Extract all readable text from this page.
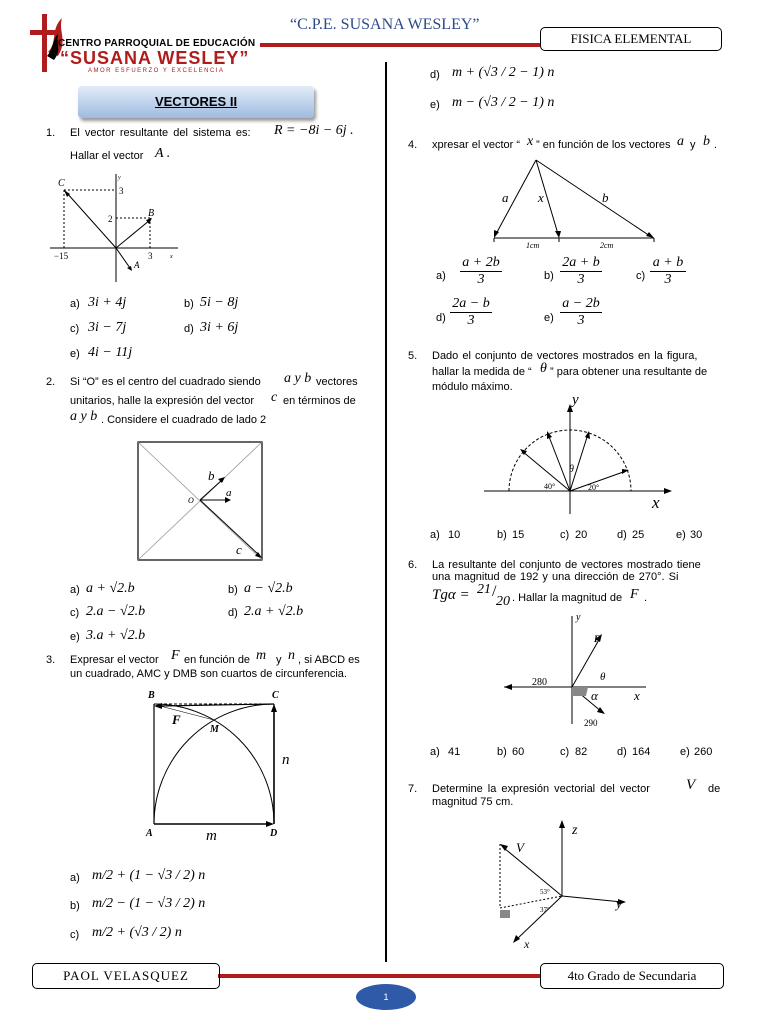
CENTRO PARROQUIAL DE EDUCACIÓN
“SUSANA WESLEY”
AMOR ESFUERZO Y EXCELENCIA
“C.P.E. SUSANA WESLEY”
FISICA ELEMENTAL
VECTORES II
1. El vector resultante del sistema es: R = −8i − 6j .
Hallar el vector A .
C
B
A
3
2
−15	3
y
x
a) 3i + 4j	b) 5i − 8j
c) 3i − 7j	d) 3i + 6j
e) 4i − 11j
2. Si “O” es el centro del cuadrado siendo a y b vectores
unitarios, halle la expresión del vector c en términos de
a y b . Considere el cuadrado de lado 2
O
a
b
c
a) a + √2.b	b) a − √2.b
c) 2.a − √2.b	d) 2.a + √2.b
e) 3.a + √2.b
3. Expresar el vector F en función de m y n , si ABCD es
un cuadrado, AMC y DMB son cuartos de circunferencia.
B	C
A	D
M
F
n
m
a) m/2 + (1 − √3 / 2) n
b) m/2 − (1 − √3 / 2) n
c) m/2 + (√3 / 2) n
d) m + (√3 / 2 − 1) n
e) m − (√3 / 2 − 1) n
4. xpresar el vector “ x ” en función de los vectores a y b .
a x	b
1cm	2cm
$a) \frac{a + 2b}{3}$	$b) \frac{2a + b}{3}$	$c) \frac{a + b}{3}$
$d) \frac{2a - b}{3}$	$e) \frac{a - 2b}{3}$
5. Dado el conjunto de vectores mostrados en la figura,
hallar la medida de “ θ ” para obtener una resultante de
módulo máximo.
y
x
θ
40°	20°
a) 10	b) 15	c) 20	d) 25	e) 30
6. La resultante del conjunto de vectores mostrado tiene
una magnitud de 192 y una dirección de 270°. Si
Tgα = 21 /
20 . Hallar la magnitud de F .
y
x
F
θ
α
280
290
a) 41	b) 60	c) 82	d) 164	e) 260
7. Determine la expresión vectorial del vector V de
magnitud 75 cm.
z
y
x
V
53°
37°
PAOL VELASQUEZ	4to Grado de Secundaria
1
